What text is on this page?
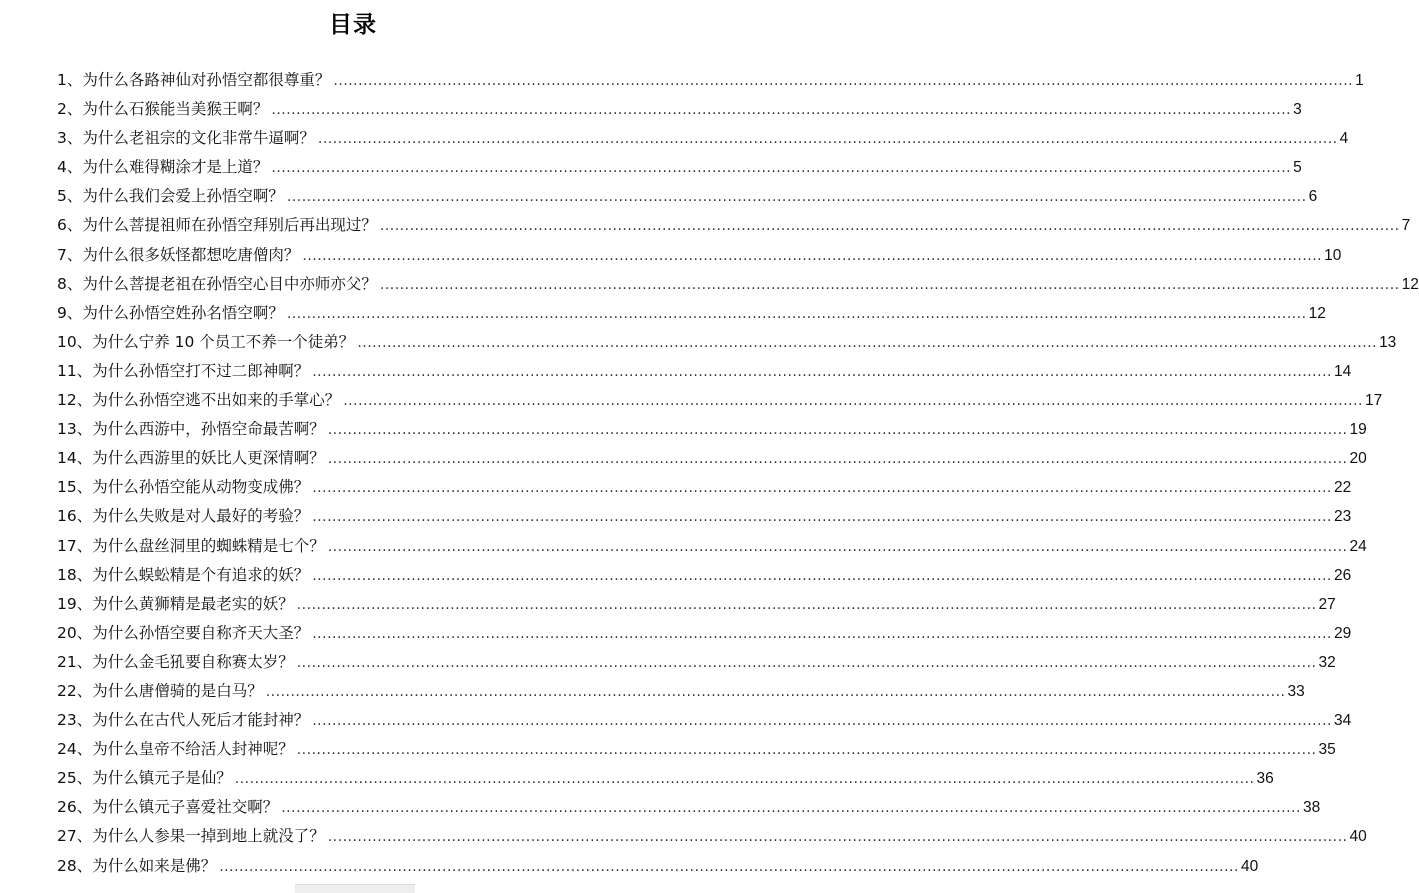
目录
1、为什么各路神仙对孙悟空都很尊重？ .............................................................................................................................................................................................................. 1
2、为什么石猴能当美猴王啊？ .............................................................................................................................................................................................................. 3
3、为什么老祖宗的文化非常牛逼啊？ .............................................................................................................................................................................................................. 4
4、为什么难得糊涂才是上道？ .............................................................................................................................................................................................................. 5
5、为什么我们会爱上孙悟空啊？ .............................................................................................................................................................................................................. 6
6、为什么菩提祖师在孙悟空拜别后再出现过？ .............................................................................................................................................................................................................. 7
7、为什么很多妖怪都想吃唐僧肉？ .............................................................................................................................................................................................................. 10
8、为什么菩提老祖在孙悟空心目中亦师亦父？ .............................................................................................................................................................................................................. 12
9、为什么孙悟空姓孙名悟空啊？ .............................................................................................................................................................................................................. 12
10、为什么宁养 10 个员工不养一个徒弟？ .............................................................................................................................................................................................................. 13
11、为什么孙悟空打不过二郎神啊？ .............................................................................................................................................................................................................. 14
12、为什么孙悟空逃不出如来的手掌心？ .............................................................................................................................................................................................................. 17
13、为什么西游中，孙悟空命最苦啊？ .............................................................................................................................................................................................................. 19
14、为什么西游里的妖比人更深情啊？ .............................................................................................................................................................................................................. 20
15、为什么孙悟空能从动物变成佛？ .............................................................................................................................................................................................................. 22
16、为什么失败是对人最好的考验？ .............................................................................................................................................................................................................. 23
17、为什么盘丝洞里的蜘蛛精是七个？ .............................................................................................................................................................................................................. 24
18、为什么蜈蚣精是个有追求的妖？ .............................................................................................................................................................................................................. 26
19、为什么黄狮精是最老实的妖？ .............................................................................................................................................................................................................. 27
20、为什么孙悟空要自称齐天大圣？ .............................................................................................................................................................................................................. 29
21、为什么金毛犼要自称赛太岁？ .............................................................................................................................................................................................................. 32
22、为什么唐僧骑的是白马？ .............................................................................................................................................................................................................. 33
23、为什么在古代人死后才能封神？ .............................................................................................................................................................................................................. 34
24、为什么皇帝不给活人封神呢？ .............................................................................................................................................................................................................. 35
25、为什么镇元子是仙？ .............................................................................................................................................................................................................. 36
26、为什么镇元子喜爱社交啊？ .............................................................................................................................................................................................................. 38
27、为什么人参果一掉到地上就没了？ .............................................................................................................................................................................................................. 40
28、为什么如来是佛？ .............................................................................................................................................................................................................. 40
